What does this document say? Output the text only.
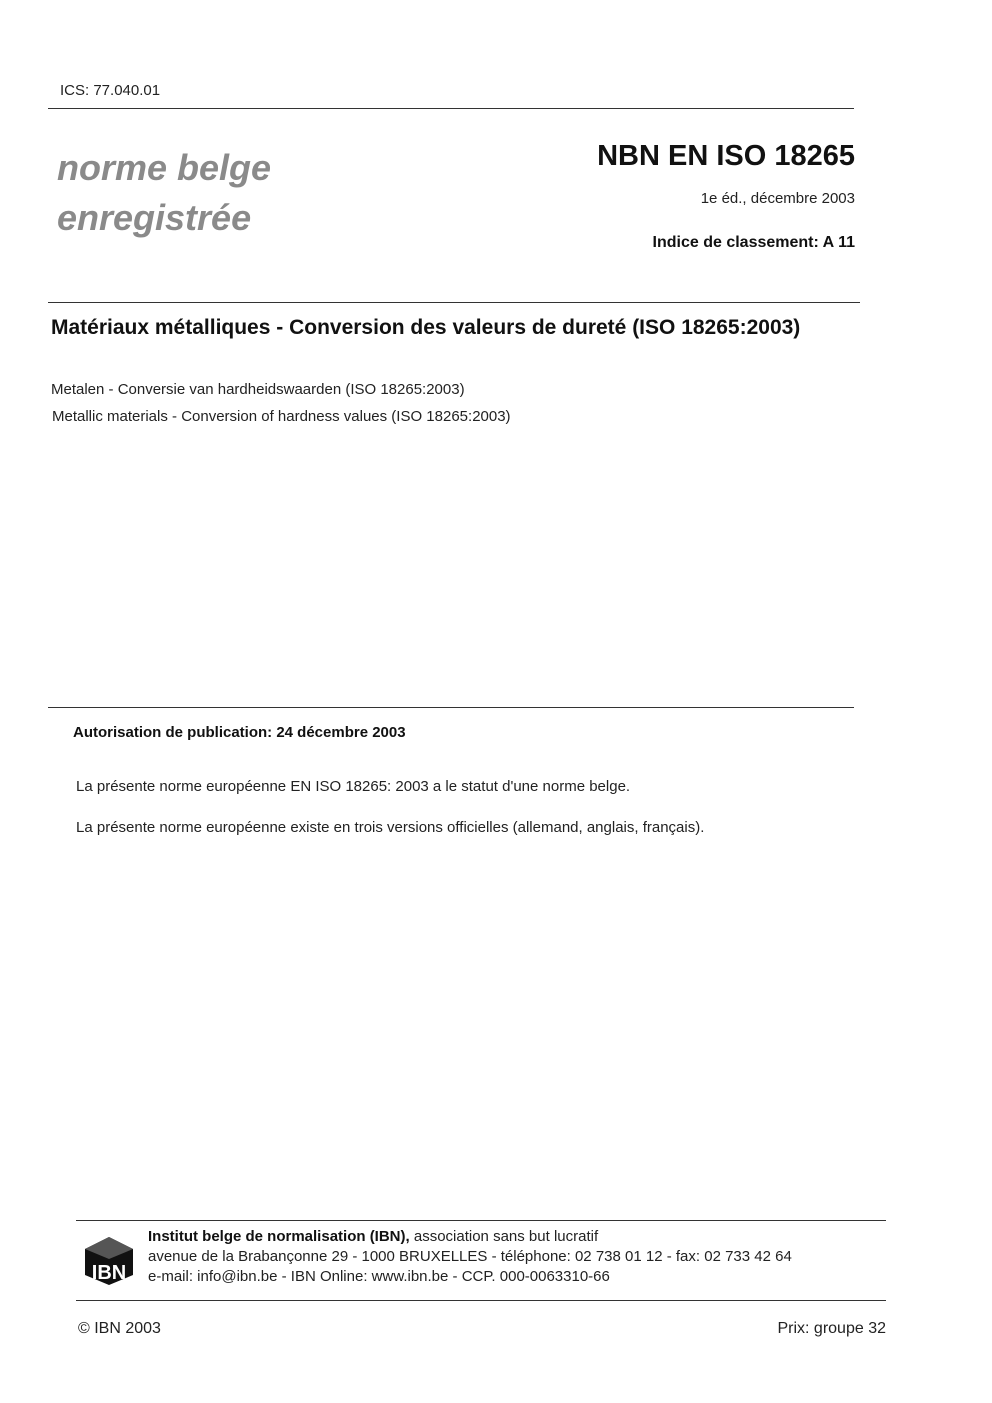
ICS: 77.040.01
norme belge
enregistrée
NBN EN ISO 18265
1e éd., décembre 2003
Indice de classement: A 11
Matériaux métalliques - Conversion des valeurs de dureté (ISO 18265:2003)
Metalen - Conversie van hardheidswaarden (ISO 18265:2003)
Metallic materials - Conversion of hardness values (ISO 18265:2003)
Autorisation de publication: 24 décembre 2003
La présente norme européenne EN ISO 18265: 2003 a le statut d'une norme belge.
La présente norme européenne existe en trois versions officielles (allemand, anglais, français).
IBN
Institut belge de normalisation (IBN), association sans but lucratif
avenue de la Brabançonne 29 - 1000 BRUXELLES - téléphone: 02 738 01 12 - fax: 02 733 42 64
e-mail: info@ibn.be - IBN Online: www.ibn.be - CCP. 000-0063310-66
© IBN 2003	Prix: groupe 32
